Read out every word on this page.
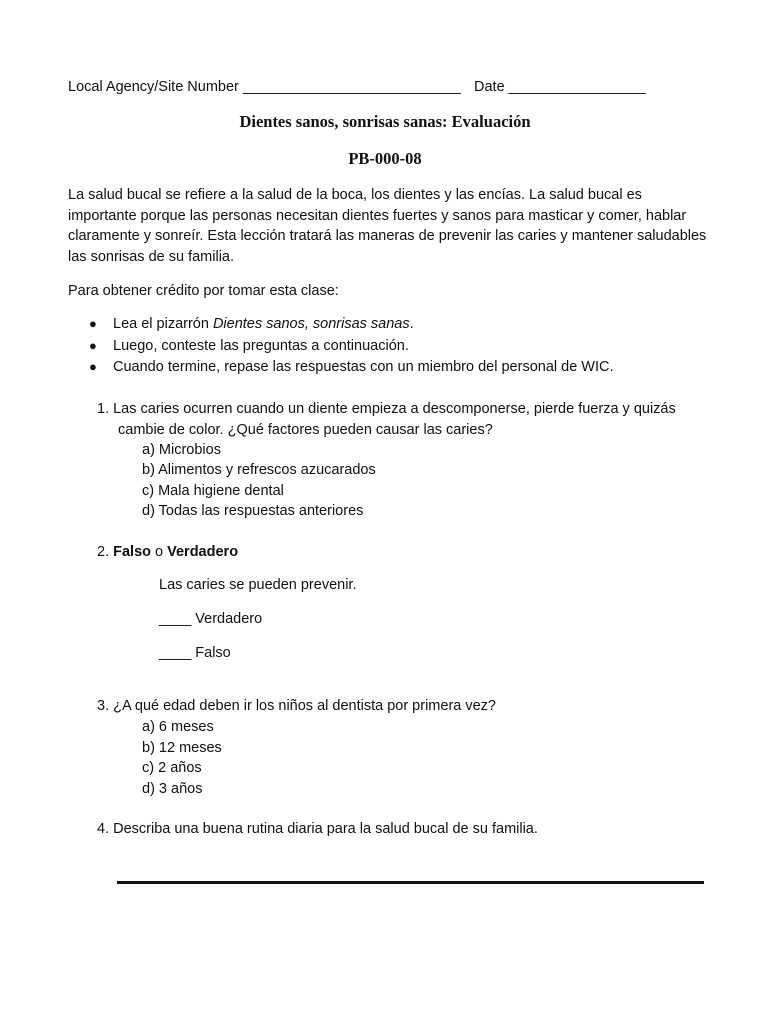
Local Agency/Site Number ___________________________ Date _________________
Dientes sanos, sonrisas sanas: Evaluación
PB-000-08
La salud bucal se refiere a la salud de la boca, los dientes y las encías. La salud bucal es importante porque las personas necesitan dientes fuertes y sanos para masticar y comer, hablar claramente y sonreír. Esta lección tratará las maneras de prevenir las caries y mantener saludables las sonrisas de su familia.
Para obtener crédito por tomar esta clase:
● Lea el pizarrón Dientes sanos, sonrisas sanas.
● Luego, conteste las preguntas a continuación.
● Cuando termine, repase las respuestas con un miembro del personal de WIC.
1. Las caries ocurren cuando un diente empieza a descomponerse, pierde fuerza y quizás
cambie de color. ¿Qué factores pueden causar las caries?
a) Microbios
b) Alimentos y refrescos azucarados
c) Mala higiene dental
d) Todas las respuestas anteriores
2. Falso o Verdadero
Las caries se pueden prevenir.
____ Verdadero
____ Falso
3. ¿A qué edad deben ir los niños al dentista por primera vez?
a) 6 meses
b) 12 meses
c) 2 años
d) 3 años
4. Describa una buena rutina diaria para la salud bucal de su familia.
